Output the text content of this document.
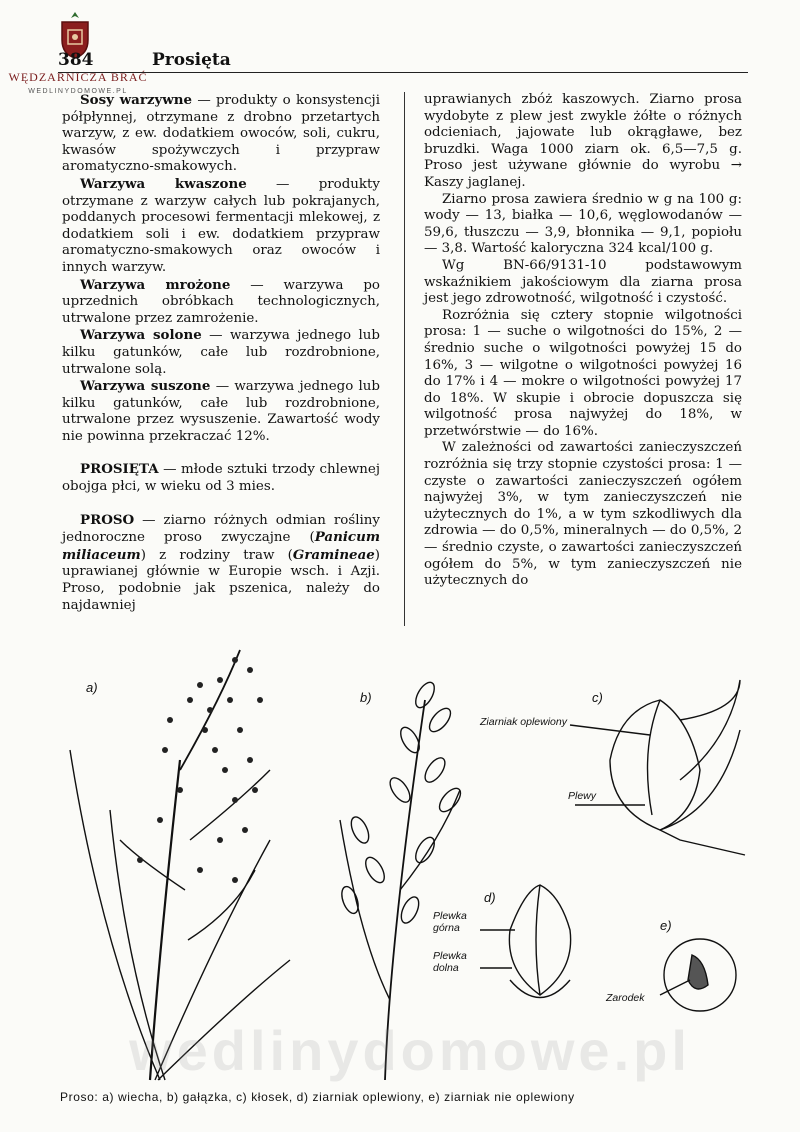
WĘDZARNICZA BRAĆ
WEDLINYDOMOWE.PL
384	Prosięta

Sosy warzywne — produkty o konsystencji półpłynnej, otrzymane z drobno przetartych warzyw, z ew. dodatkiem owoców, soli, cukru, kwasów spożywczych i przypraw aromatyczno-smakowych.

Warzywa kwaszone — produkty otrzymane z warzyw całych lub pokrajanych, poddanych procesowi fermentacji mlekowej, z dodatkiem soli i ew. dodatkiem przypraw aromatyczno-smakowych oraz owoców i innych warzyw.

Warzywa mrożone — warzywa po uprzednich obróbkach technologicznych, utrwalone przez zamrożenie.

Warzywa solone — warzywa jednego lub kilku gatunków, całe lub rozdrobnione, utrwalone solą.

Warzywa suszone — warzywa jednego lub kilku gatunków, całe lub rozdrobnione, utrwalone przez wysuszenie. Zawartość wody nie powinna przekraczać 12%.

PROSIĘTA — młode sztuki trzody chlewnej obojga płci, w wieku od 3 mies.

PROSO — ziarno różnych odmian rośliny jednoroczne proso zwyczajne (Panicum miliaceum) z rodziny traw (Gramineae) uprawianej głównie w Europie wsch. i Azji. Proso, podobnie jak pszenica, należy do najdawniej

uprawianych zbóż kaszowych. Ziarno prosa wydobyte z plew jest zwykle żółte o różnych odcieniach, jajowate lub okrągławe, bez bruzdki. Waga 1000 ziarn ok. 6,5—7,5 g. Proso jest używane głównie do wyrobu → Kaszy jaglanej.

Ziarno prosa zawiera średnio w g na 100 g: wody — 13, białka — 10,6, węglowodanów — 59,6, tłuszczu — 3,9, błonnika — 9,1, popiołu — 3,8. Wartość kaloryczna 324 kcal/100 g.

Wg BN-66/9131-10 podstawowym wskaźnikiem jakościowym dla ziarna prosa jest jego zdrowotność, wilgotność i czystość.

Rozróżnia się cztery stopnie wilgotności prosa: 1 — suche o wilgotności do 15%, 2 — średnio suche o wilgotności powyżej 15 do 16%, 3 — wilgotne o wilgotności powyżej 16 do 17% i 4 — mokre o wilgotności powyżej 17 do 18%. W skupie i obrocie dopuszcza się wilgotność prosa najwyżej do 18%, w przetwórstwie — do 16%.

W zależności od zawartości zanieczyszczeń rozróżnia się trzy stopnie czystości prosa: 1 — czyste o zawartości zanieczyszczeń ogółem najwyżej 3%, w tym zanieczyszczeń nie użytecznych do 1%, a w tym szkodliwych dla zdrowia — do 0,5%, mineralnych — do 0,5%, 2 — średnio czyste, o zawartości zanieczyszczeń ogółem do 5%, w tym zanieczyszczeń nie użytecznych do

a)
b)	c)
d)
e)
Ziarniak oplewiony
Plewy
Plewka
górna
Plewka
dolna
Zarodek
wedlinydomowe.pl
Proso: a) wiecha, b) gałązka, c) kłosek, d) ziarniak oplewiony, e) ziarniak nie oplewiony
